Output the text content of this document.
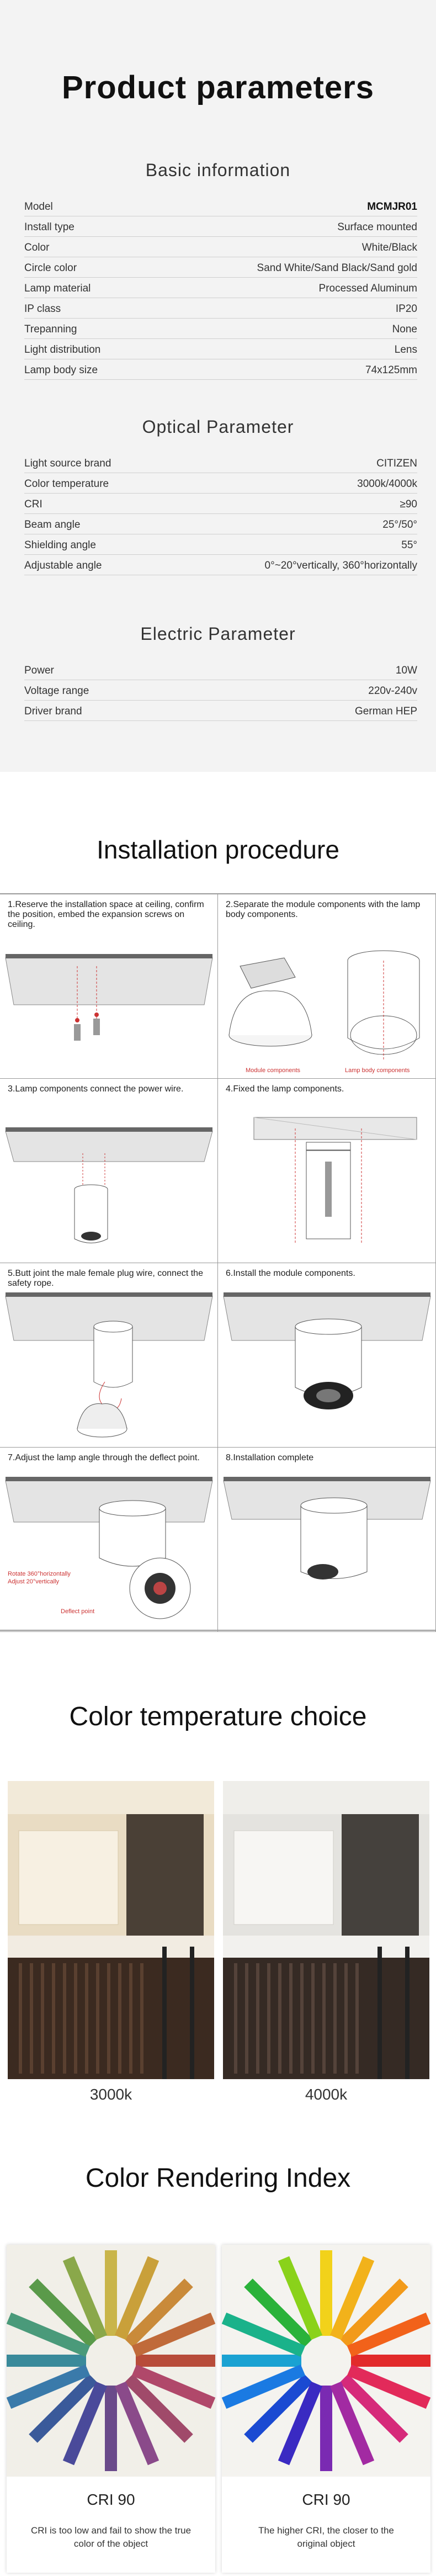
Product parameters
Basic information
Model	MCMJR01
Install type	Surface mounted
Color	White/Black
Circle color	Sand White/Sand Black/Sand gold
Lamp material	Processed Aluminum
IP class	IP20
Trepanning	None
Light distribution	Lens
Lamp body size	74x125mm
Optical Parameter
Light source brand	CITIZEN
Color temperature	3000k/4000k
CRI	≥90
Beam angle	25°/50°
Shielding angle	55°
Adjustable angle	0°~20°vertically, 360°horizontally
Electric Parameter
Power	10W
Voltage range	220v-240v
Driver brand	German HEP
Installation procedure
1.Reserve the installation space at ceiling, confirm the position, embed the expansion screws on ceiling.
2.Separate the module components with the lamp body components.
Module components	Lamp body components
3.Lamp components connect the power wire.	4.Fixed the lamp components.
5.Butt joint the male female plug wire, connect the safety rope.
6.Install the module components.
7.Adjust the lamp angle through the deflect point.
Rotate 360°horizontally
Adjust 20°vertically
Deflect point
8.Installation complete
Color temperature choice
3000k	4000k
Color Rendering Index
CRI 90
CRI is too low and fail to show the true color of the object
CRI 90
The higher CRI, the closer to the original object
